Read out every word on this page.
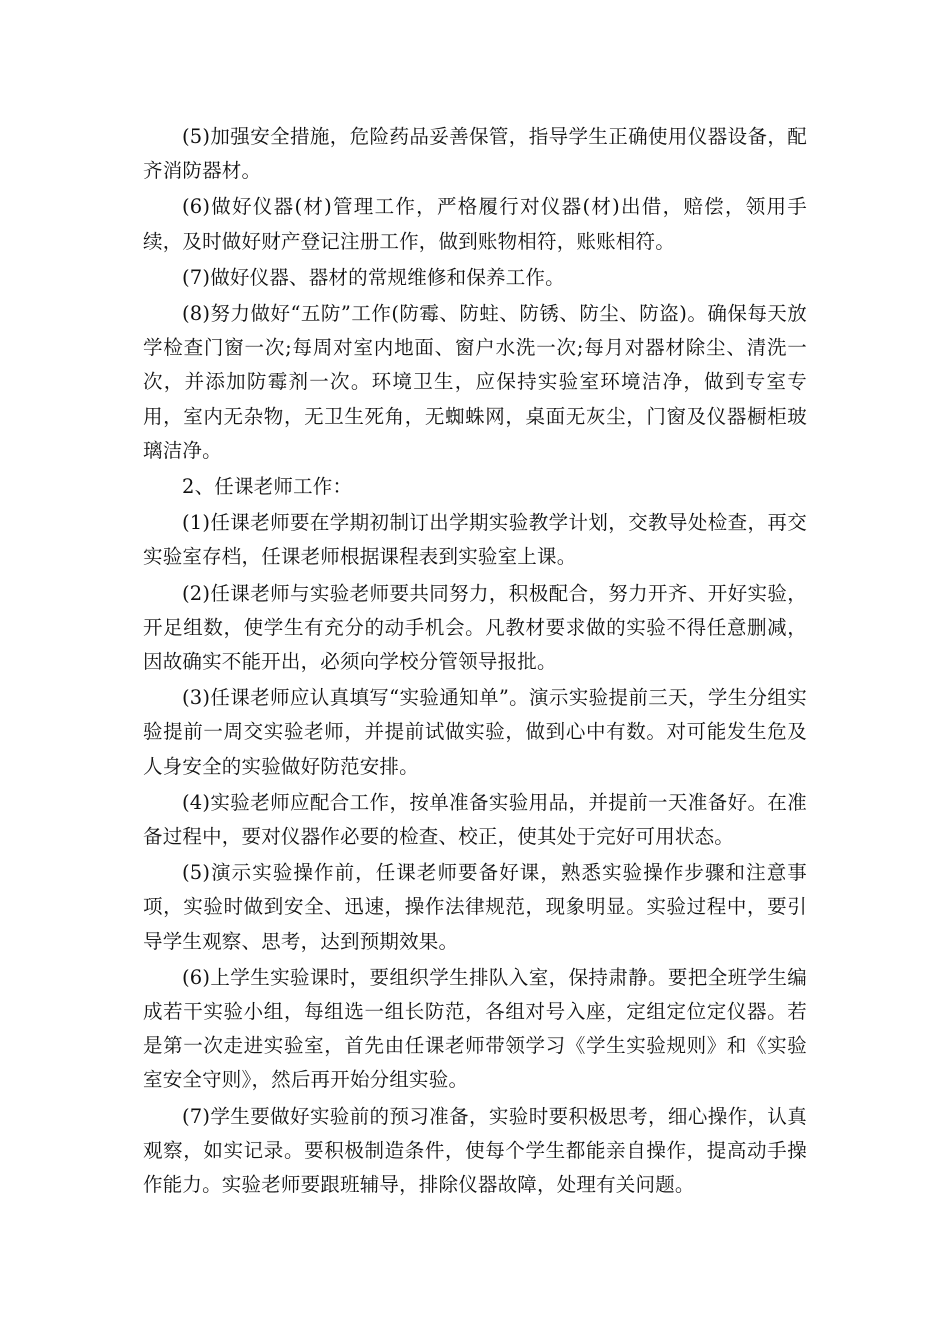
(5)加强安全措施，危险药品妥善保管，指导学生正确使用仪器设备，配齐消防器材。

(6)做好仪器(材)管理工作，严格履行对仪器(材)出借，赔偿，领用手续，及时做好财产登记注册工作，做到账物相符，账账相符。

(7)做好仪器、器材的常规维修和保养工作。

(8)努力做好“五防”工作(防霉、防蛀、防锈、防尘、防盗)。确保每天放学检查门窗一次;每周对室内地面、窗户水洗一次;每月对器材除尘、清洗一次，并添加防霉剂一次。环境卫生，应保持实验室环境洁净，做到专室专用，室内无杂物，无卫生死角，无蜘蛛网，桌面无灰尘，门窗及仪器橱柜玻璃洁净。

2、任课老师工作：

(1)任课老师要在学期初制订出学期实验教学计划，交教导处检查，再交实验室存档，任课老师根据课程表到实验室上课。

(2)任课老师与实验老师要共同努力，积极配合，努力开齐、开好实验，开足组数，使学生有充分的动手机会。凡教材要求做的实验不得任意删减，因故确实不能开出，必须向学校分管领导报批。

(3)任课老师应认真填写“实验通知单”。演示实验提前三天，学生分组实验提前一周交实验老师，并提前试做实验，做到心中有数。对可能发生危及人身安全的实验做好防范安排。

(4)实验老师应配合工作，按单准备实验用品，并提前一天准备好。在准备过程中，要对仪器作必要的检查、校正，使其处于完好可用状态。

(5)演示实验操作前，任课老师要备好课，熟悉实验操作步骤和注意事项，实验时做到安全、迅速，操作法律规范，现象明显。实验过程中，要引导学生观察、思考，达到预期效果。

(6)上学生实验课时，要组织学生排队入室，保持肃静。要把全班学生编成若干实验小组，每组选一组长防范，各组对号入座，定组定位定仪器。若是第一次走进实验室，首先由任课老师带领学习《学生实验规则》和《实验室安全守则》，然后再开始分组实验。

(7)学生要做好实验前的预习准备，实验时要积极思考，细心操作，认真观察，如实记录。要积极制造条件，使每个学生都能亲自操作，提高动手操作能力。实验老师要跟班辅导，排除仪器故障，处理有关问题。
